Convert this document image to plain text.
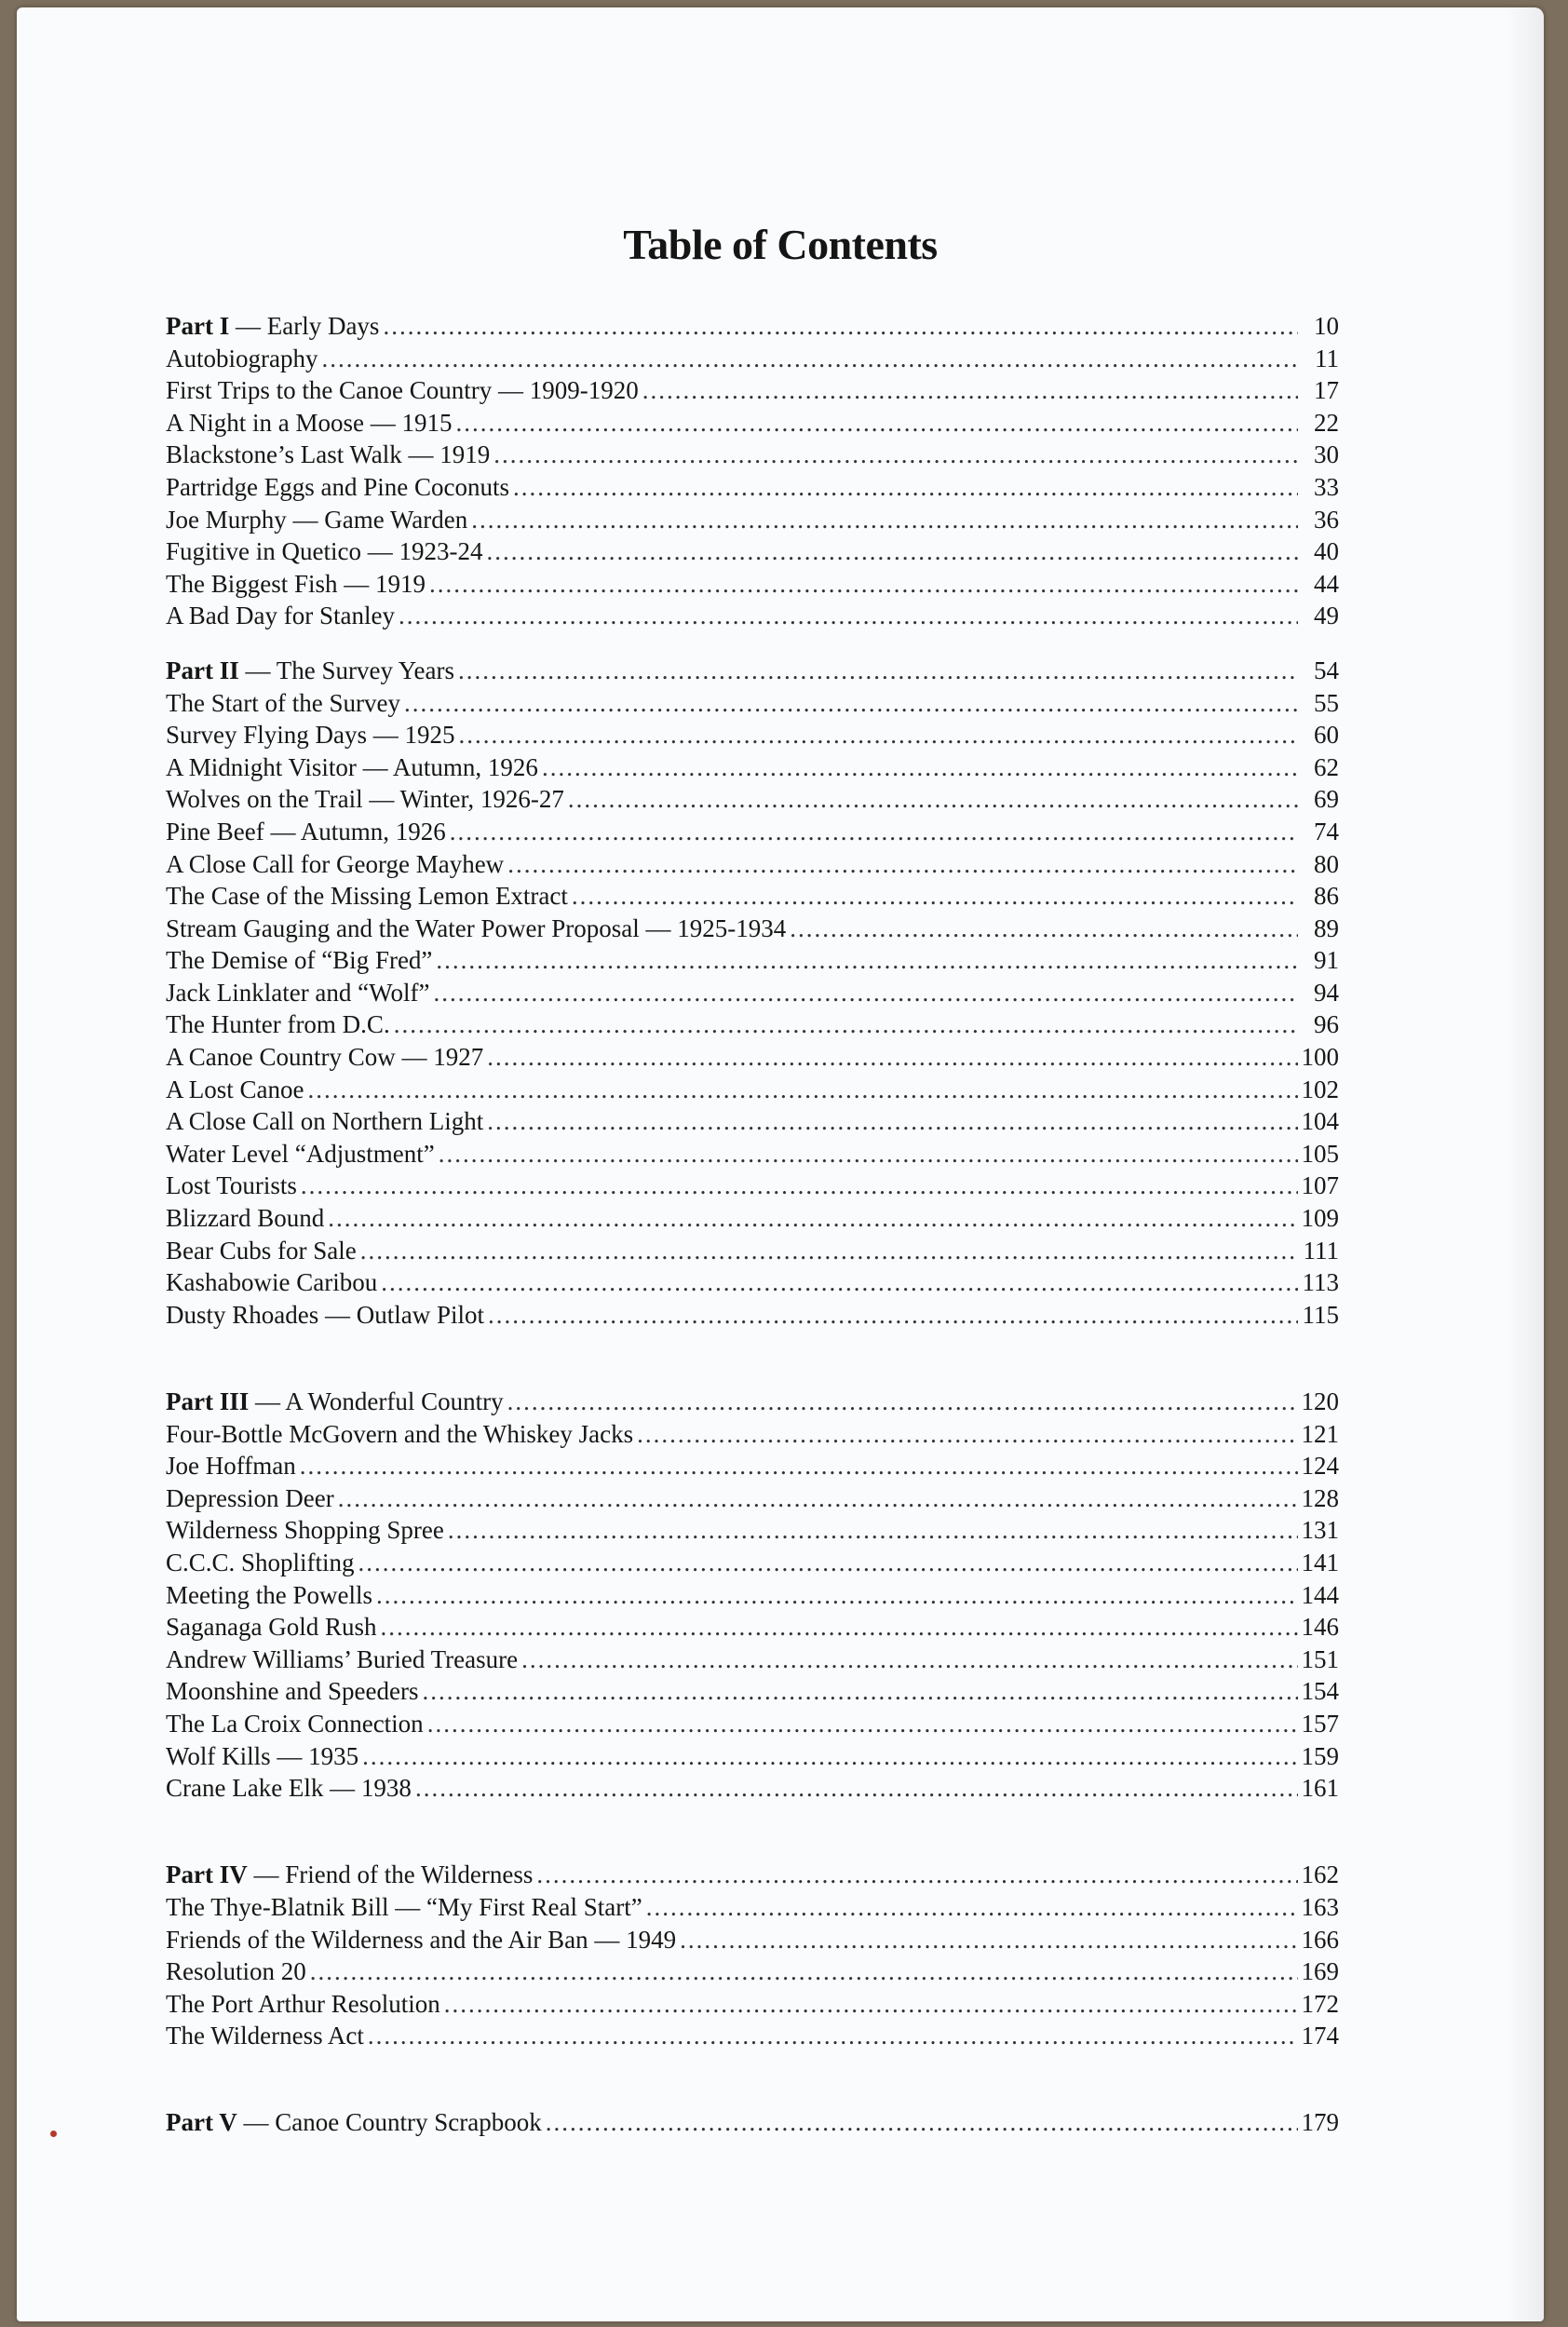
Table of Contents
Part I — Early Days .....	10
Autobiography .....	11
First Trips to the Canoe Country — 1909-1920 .....	17
A Night in a Moose — 1915 .....	22
Blackstone’s Last Walk — 1919 .....	30
Partridge Eggs and Pine Coconuts .....	33
Joe Murphy — Game Warden .....	36
Fugitive in Quetico — 1923-24 .....	40
The Biggest Fish — 1919 .....	44
A Bad Day for Stanley .....	49
Part II — The Survey Years .....	54
The Start of the Survey .....	55
Survey Flying Days — 1925 .....	60
A Midnight Visitor — Autumn, 1926 .....	62
Wolves on the Trail — Winter, 1926-27 .....	69
Pine Beef — Autumn, 1926 .....	74
A Close Call for George Mayhew .....	80
The Case of the Missing Lemon Extract .....	86
Stream Gauging and the Water Power Proposal — 1925-1934 .....	89
The Demise of “Big Fred” .....	91
Jack Linklater and “Wolf” .....	94
The Hunter from D.C. .....	96
A Canoe Country Cow — 1927 .....	100
A Lost Canoe .....	102
A Close Call on Northern Light .....	104
Water Level “Adjustment” .....	105
Lost Tourists .....	107
Blizzard Bound .....	109
Bear Cubs for Sale .....	111
Kashabowie Caribou .....	113
Dusty Rhoades — Outlaw Pilot .....	115
Part III — A Wonderful Country .....	120
Four-Bottle McGovern and the Whiskey Jacks .....	121
Joe Hoffman .....	124
Depression Deer .....	128
Wilderness Shopping Spree .....	131
C.C.C. Shoplifting .....	141
Meeting the Powells .....	144
Saganaga Gold Rush .....	146
Andrew Williams’ Buried Treasure .....	151
Moonshine and Speeders .....	154
The La Croix Connection .....	157
Wolf Kills — 1935 .....	159
Crane Lake Elk — 1938 .....	161
Part IV — Friend of the Wilderness .....	162
The Thye-Blatnik Bill — “My First Real Start” .....	163
Friends of the Wilderness and the Air Ban — 1949 .....	166
Resolution 20 .....	169
The Port Arthur Resolution .....	172
The Wilderness Act .....	174
Part V — Canoe Country Scrapbook .....	179
